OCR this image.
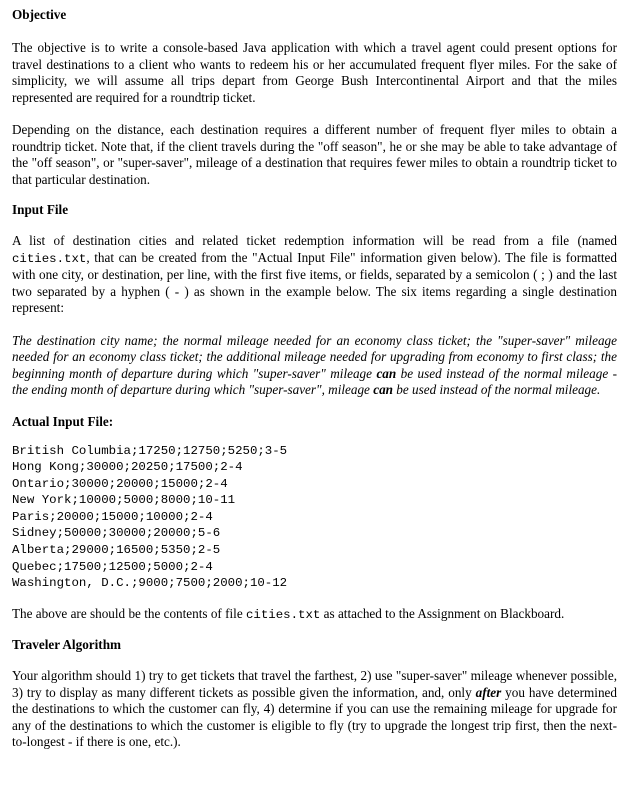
Objective

The objective is to write a console-based Java application with which a travel agent could present options for travel destinations to a client who wants to redeem his or her accumulated frequent flyer miles. For the sake of simplicity, we will assume all trips depart from George Bush Intercontinental Airport and that the miles represented are required for a roundtrip ticket.

Depending on the distance, each destination requires a different number of frequent flyer miles to obtain a roundtrip ticket. Note that, if the client travels during the "off season", he or she may be able to take advantage of the "off season", or "super-saver", mileage of a destination that requires fewer miles to obtain a roundtrip ticket to that particular destination.

Input File

A list of destination cities and related ticket redemption information will be read from a file (named cities.txt, that can be created from the "Actual Input File" information given below). The file is formatted with one city, or destination, per line, with the first five items, or fields, separated by a semicolon ( ; ) and the last two separated by a hyphen ( - ) as shown in the example below. The six items regarding a single destination represent:

The destination city name; the normal mileage needed for an economy class ticket; the "super-saver" mileage needed for an economy class ticket; the additional mileage needed for upgrading from economy to first class; the beginning month of departure during which "super-saver" mileage can be used instead of the normal mileage - the ending month of departure during which "super-saver", mileage can be used instead of the normal mileage.

Actual Input File:

British Columbia;17250;12750;5250;3-5
Hong Kong;30000;20250;17500;2-4
Ontario;30000;20000;15000;2-4
New York;10000;5000;8000;10-11
Paris;20000;15000;10000;2-4
Sidney;50000;30000;20000;5-6
Alberta;29000;16500;5350;2-5
Quebec;17500;12500;5000;2-4
Washington, D.C.;9000;7500;2000;10-12

The above are should be the contents of file cities.txt as attached to the Assignment on Blackboard.

Traveler Algorithm

Your algorithm should 1) try to get tickets that travel the farthest, 2) use "super-saver" mileage whenever possible, 3) try to display as many different tickets as possible given the information, and, only after you have determined the destinations to which the customer can fly, 4) determine if you can use the remaining mileage for upgrade for any of the destinations to which the customer is eligible to fly (try to upgrade the longest trip first, then the next-to-longest - if there is one, etc.).
